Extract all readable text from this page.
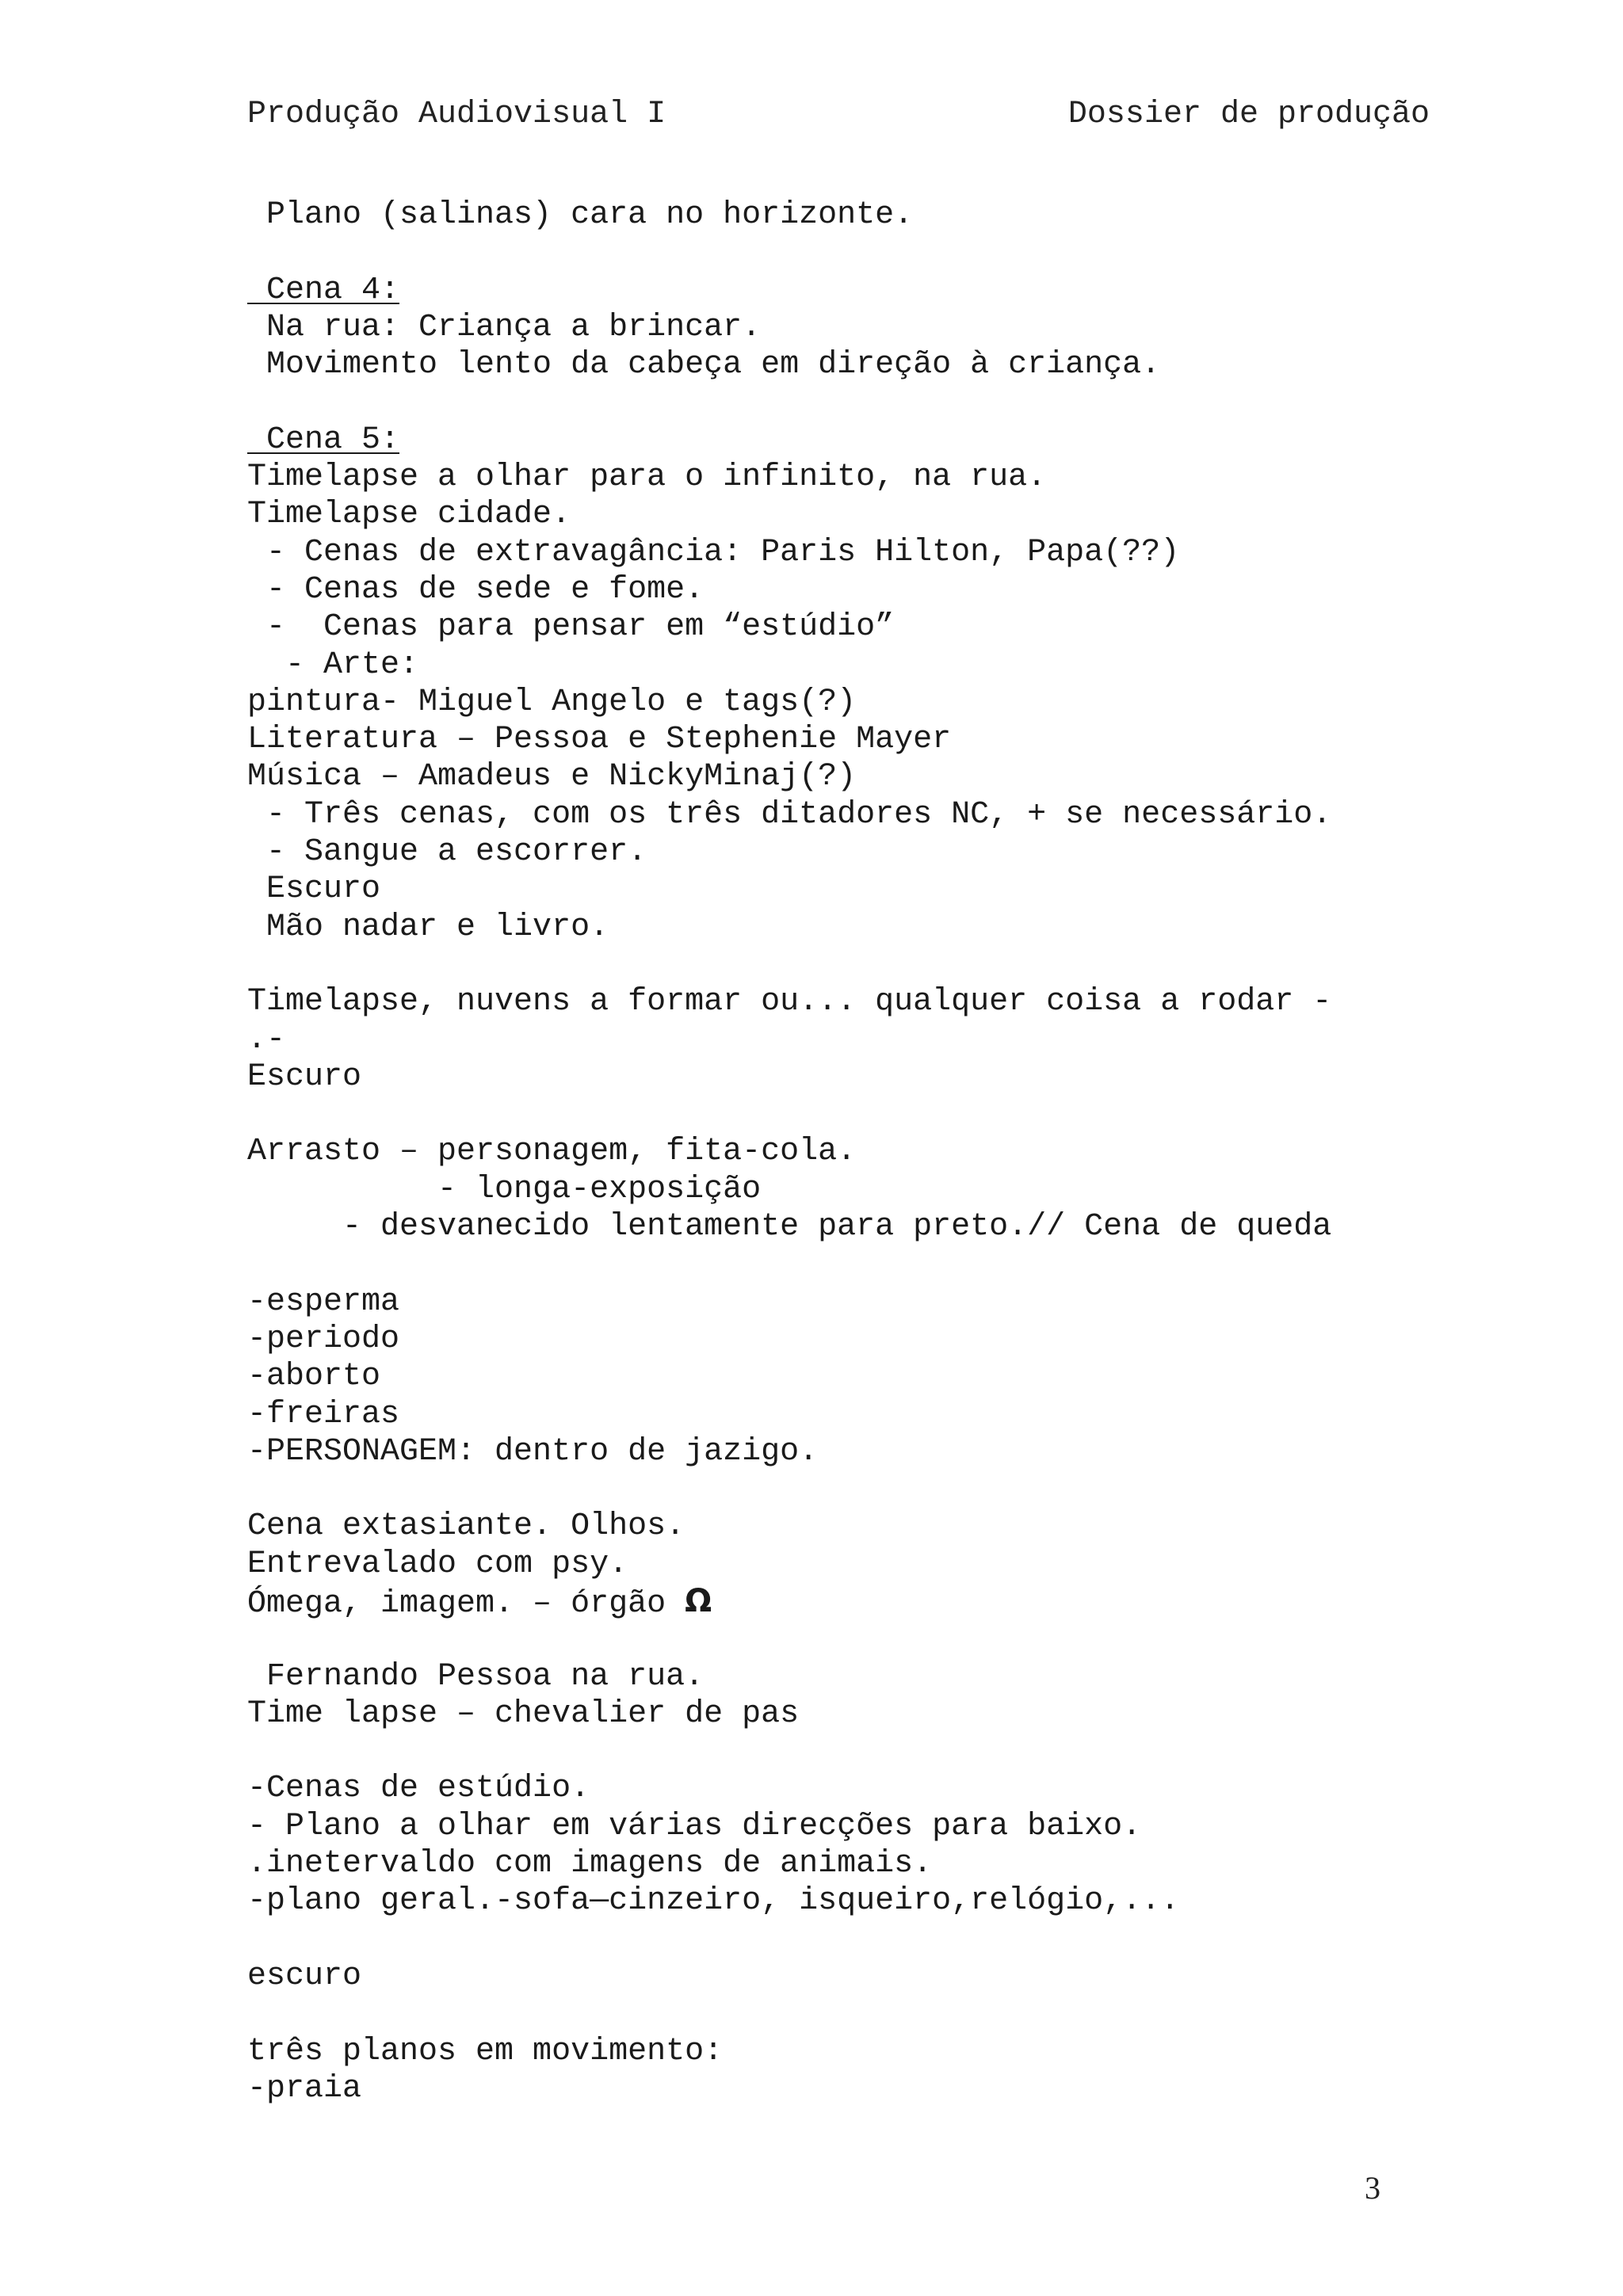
Produção Audiovisual I	Dossier de produção
Plano (salinas) cara no horizonte.
Cena 4:
Na rua: Criança a brincar.
Movimento lento da cabeça em direção à criança.
Cena 5:
Timelapse a olhar para o infinito, na rua.
Timelapse cidade.
- Cenas de extravagância: Paris Hilton, Papa(??)
- Cenas de sede e fome.
-  Cenas para pensar em “estúdio”
- Arte:
pintura- Miguel Angelo e tags(?)
Literatura – Pessoa e Stephenie Mayer
Música – Amadeus e NickyMinaj(?)
- Três cenas, com os três ditadores NC, + se necessário.
- Sangue a escorrer.
Escuro
Mão nadar e livro.
Timelapse, nuvens a formar ou... qualquer coisa a rodar -
.-
Escuro
Arrasto – personagem, fita-cola.
- longa-exposição
- desvanecido lentamente para preto.// Cena de queda
-esperma
-periodo
-aborto
-freiras
-PERSONAGEM: dentro de jazigo.
Cena extasiante. Olhos.
Entrevalado com psy.
Ómega, imagem. – órgão Ω
Fernando Pessoa na rua.
Time lapse – chevalier de pas
-Cenas de estúdio.
- Plano a olhar em várias direcções para baixo.
.inetervaldo com imagens de animais.
-plano geral.-sofa—cinzeiro, isqueiro,relógio,...
escuro
três planos em movimento:
-praia
3
